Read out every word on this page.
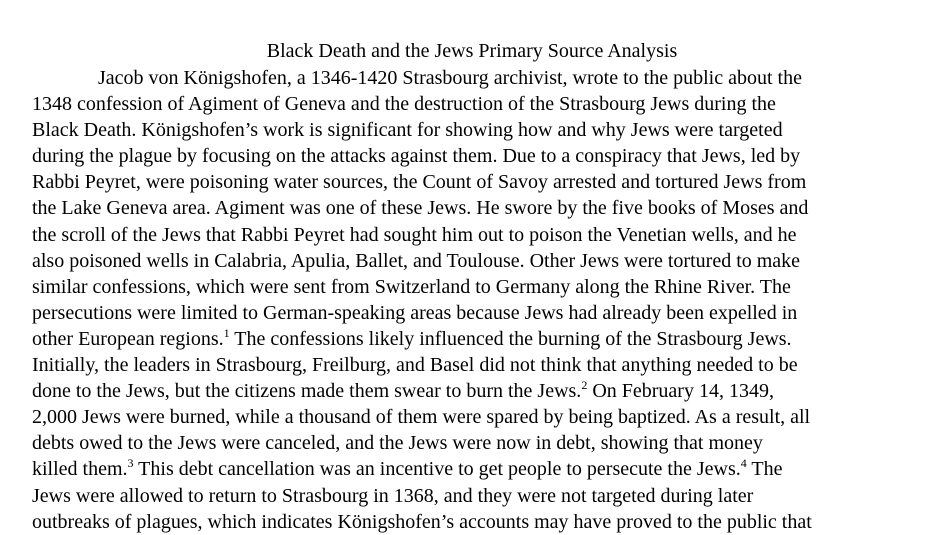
Black Death and the Jews Primary Source Analysis
Jacob von Königshofen, a 1346-1420 Strasbourg archivist, wrote to the public about the
1348 confession of Agiment of Geneva and the destruction of the Strasbourg Jews during the
Black Death. Königshofen’s work is significant for showing how and why Jews were targeted
during the plague by focusing on the attacks against them. Due to a conspiracy that Jews, led by
Rabbi Peyret, were poisoning water sources, the Count of Savoy arrested and tortured Jews from
the Lake Geneva area. Agiment was one of these Jews. He swore by the five books of Moses and
the scroll of the Jews that Rabbi Peyret had sought him out to poison the Venetian wells, and he
also poisoned wells in Calabria, Apulia, Ballet, and Toulouse. Other Jews were tortured to make
similar confessions, which were sent from Switzerland to Germany along the Rhine River. The
persecutions were limited to German-speaking areas because Jews had already been expelled in
other European regions.$^1$ The confessions likely influenced the burning of the Strasbourg Jews.
Initially, the leaders in Strasbourg, Freilburg, and Basel did not think that anything needed to be
done to the Jews, but the citizens made them swear to burn the Jews.$^2$ On February 14, 1349,
2,000 Jews were burned, while a thousand of them were spared by being baptized. As a result, all
debts owed to the Jews were canceled, and the Jews were now in debt, showing that money
killed them.$^3$ This debt cancellation was an incentive to get people to persecute the Jews.$^4$ The
Jews were allowed to return to Strasbourg in 1368, and they were not targeted during later
outbreaks of plagues, which indicates Königshofen’s accounts may have proved to the public that
